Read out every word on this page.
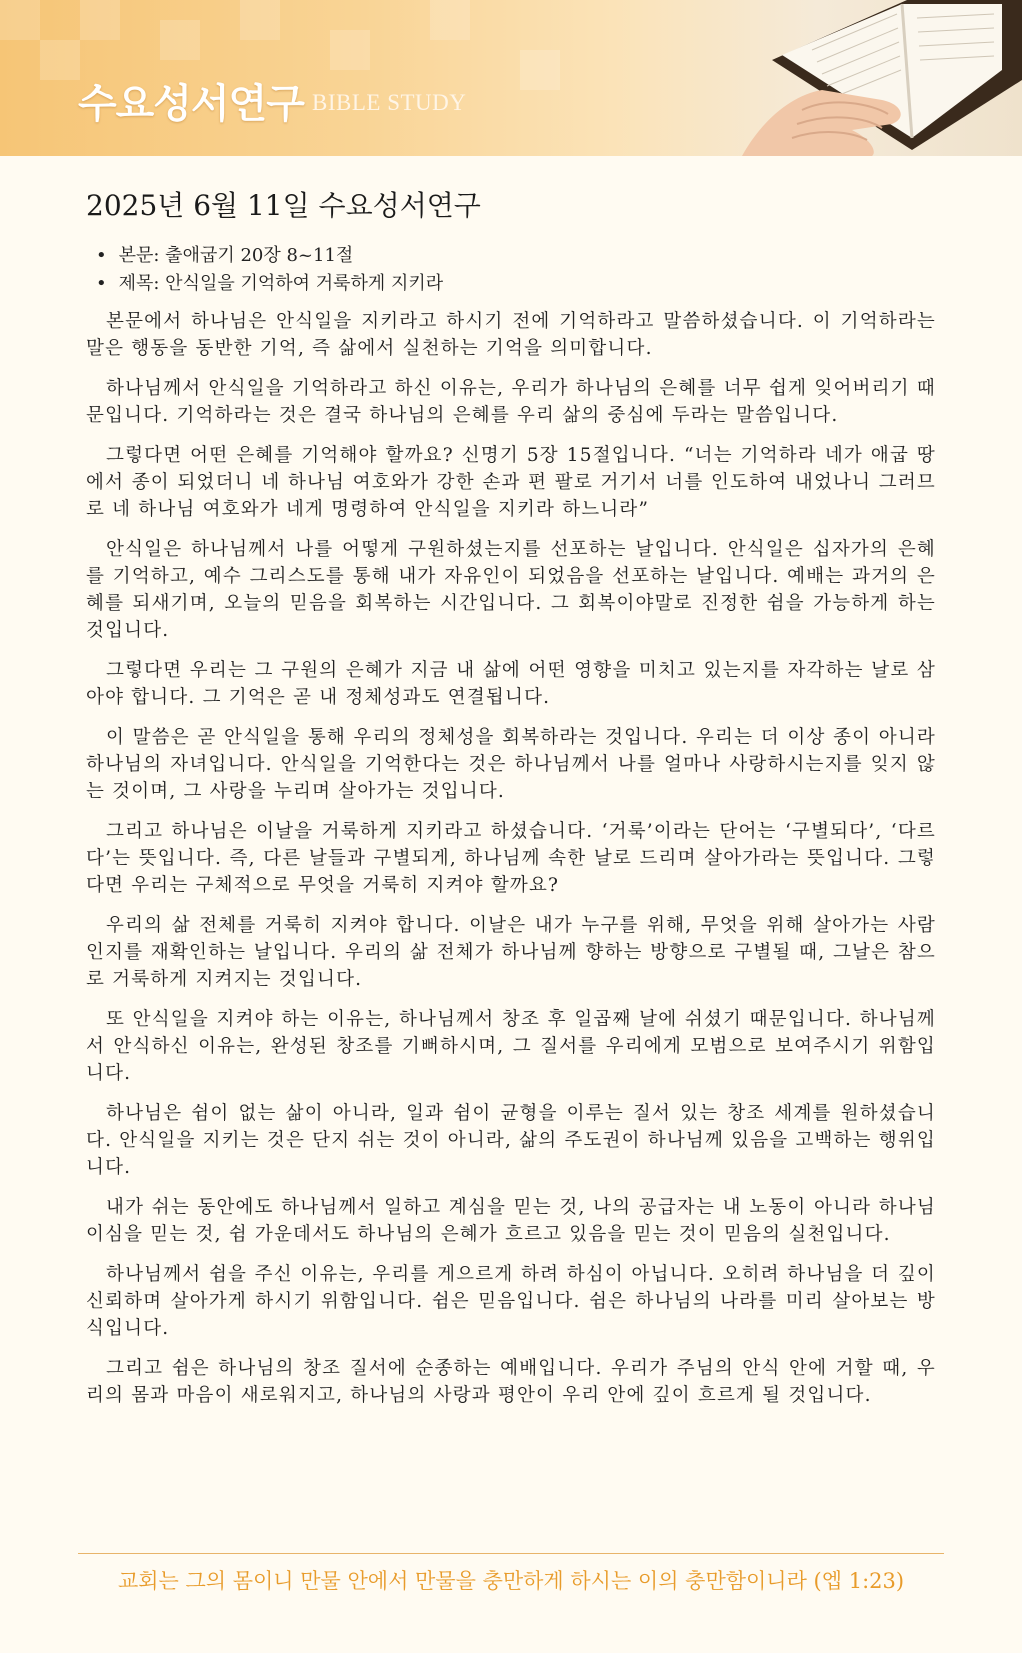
수요성서연구 BIBLE STUDY
2025년 6월 11일 수요성서연구
• 본문: 출애굽기 20장 8~11절
• 제목: 안식일을 기억하여 거룩하게 지키라

본문에서 하나님은 안식일을 지키라고 하시기 전에 기억하라고 말씀하셨습니다. 이 기억하라는 말은 행동을 동반한 기억, 즉 삶에서 실천하는 기억을 의미합니다.

하나님께서 안식일을 기억하라고 하신 이유는, 우리가 하나님의 은혜를 너무 쉽게 잊어버리기 때문입니다. 기억하라는 것은 결국 하나님의 은혜를 우리 삶의 중심에 두라는 말씀입니다.

그렇다면 어떤 은혜를 기억해야 할까요? 신명기 5장 15절입니다. “너는 기억하라 네가 애굽 땅에서 종이 되었더니 네 하나님 여호와가 강한 손과 편 팔로 거기서 너를 인도하여 내었나니 그러므로 네 하나님 여호와가 네게 명령하여 안식일을 지키라 하느니라”

안식일은 하나님께서 나를 어떻게 구원하셨는지를 선포하는 날입니다. 안식일은 십자가의 은혜를 기억하고, 예수 그리스도를 통해 내가 자유인이 되었음을 선포하는 날입니다. 예배는 과거의 은혜를 되새기며, 오늘의 믿음을 회복하는 시간입니다. 그 회복이야말로 진정한 쉼을 가능하게 하는 것입니다.

그렇다면 우리는 그 구원의 은혜가 지금 내 삶에 어떤 영향을 미치고 있는지를 자각하는 날로 삼아야 합니다. 그 기억은 곧 내 정체성과도 연결됩니다.

이 말씀은 곧 안식일을 통해 우리의 정체성을 회복하라는 것입니다. 우리는 더 이상 종이 아니라 하나님의 자녀입니다. 안식일을 기억한다는 것은 하나님께서 나를 얼마나 사랑하시는지를 잊지 않는 것이며, 그 사랑을 누리며 살아가는 것입니다.

그리고 하나님은 이날을 거룩하게 지키라고 하셨습니다. ‘거룩’이라는 단어는 ‘구별되다’, ‘다르다’는 뜻입니다. 즉, 다른 날들과 구별되게, 하나님께 속한 날로 드리며 살아가라는 뜻입니다. 그렇다면 우리는 구체적으로 무엇을 거룩히 지켜야 할까요?

우리의 삶 전체를 거룩히 지켜야 합니다. 이날은 내가 누구를 위해, 무엇을 위해 살아가는 사람인지를 재확인하는 날입니다. 우리의 삶 전체가 하나님께 향하는 방향으로 구별될 때, 그날은 참으로 거룩하게 지켜지는 것입니다.

또 안식일을 지켜야 하는 이유는, 하나님께서 창조 후 일곱째 날에 쉬셨기 때문입니다. 하나님께서 안식하신 이유는, 완성된 창조를 기뻐하시며, 그 질서를 우리에게 모범으로 보여주시기 위함입니다.

하나님은 쉼이 없는 삶이 아니라, 일과 쉼이 균형을 이루는 질서 있는 창조 세계를 원하셨습니다. 안식일을 지키는 것은 단지 쉬는 것이 아니라, 삶의 주도권이 하나님께 있음을 고백하는 행위입니다.

내가 쉬는 동안에도 하나님께서 일하고 계심을 믿는 것, 나의 공급자는 내 노동이 아니라 하나님이심을 믿는 것, 쉼 가운데서도 하나님의 은혜가 흐르고 있음을 믿는 것이 믿음의 실천입니다.

하나님께서 쉼을 주신 이유는, 우리를 게으르게 하려 하심이 아닙니다. 오히려 하나님을 더 깊이 신뢰하며 살아가게 하시기 위함입니다. 쉼은 믿음입니다. 쉼은 하나님의 나라를 미리 살아보는 방식입니다.

그리고 쉼은 하나님의 창조 질서에 순종하는 예배입니다. 우리가 주님의 안식 안에 거할 때, 우리의 몸과 마음이 새로워지고, 하나님의 사랑과 평안이 우리 안에 깊이 흐르게 될 것입니다.

교회는 그의 몸이니 만물 안에서 만물을 충만하게 하시는 이의 충만함이니라 (엡 1:23)
